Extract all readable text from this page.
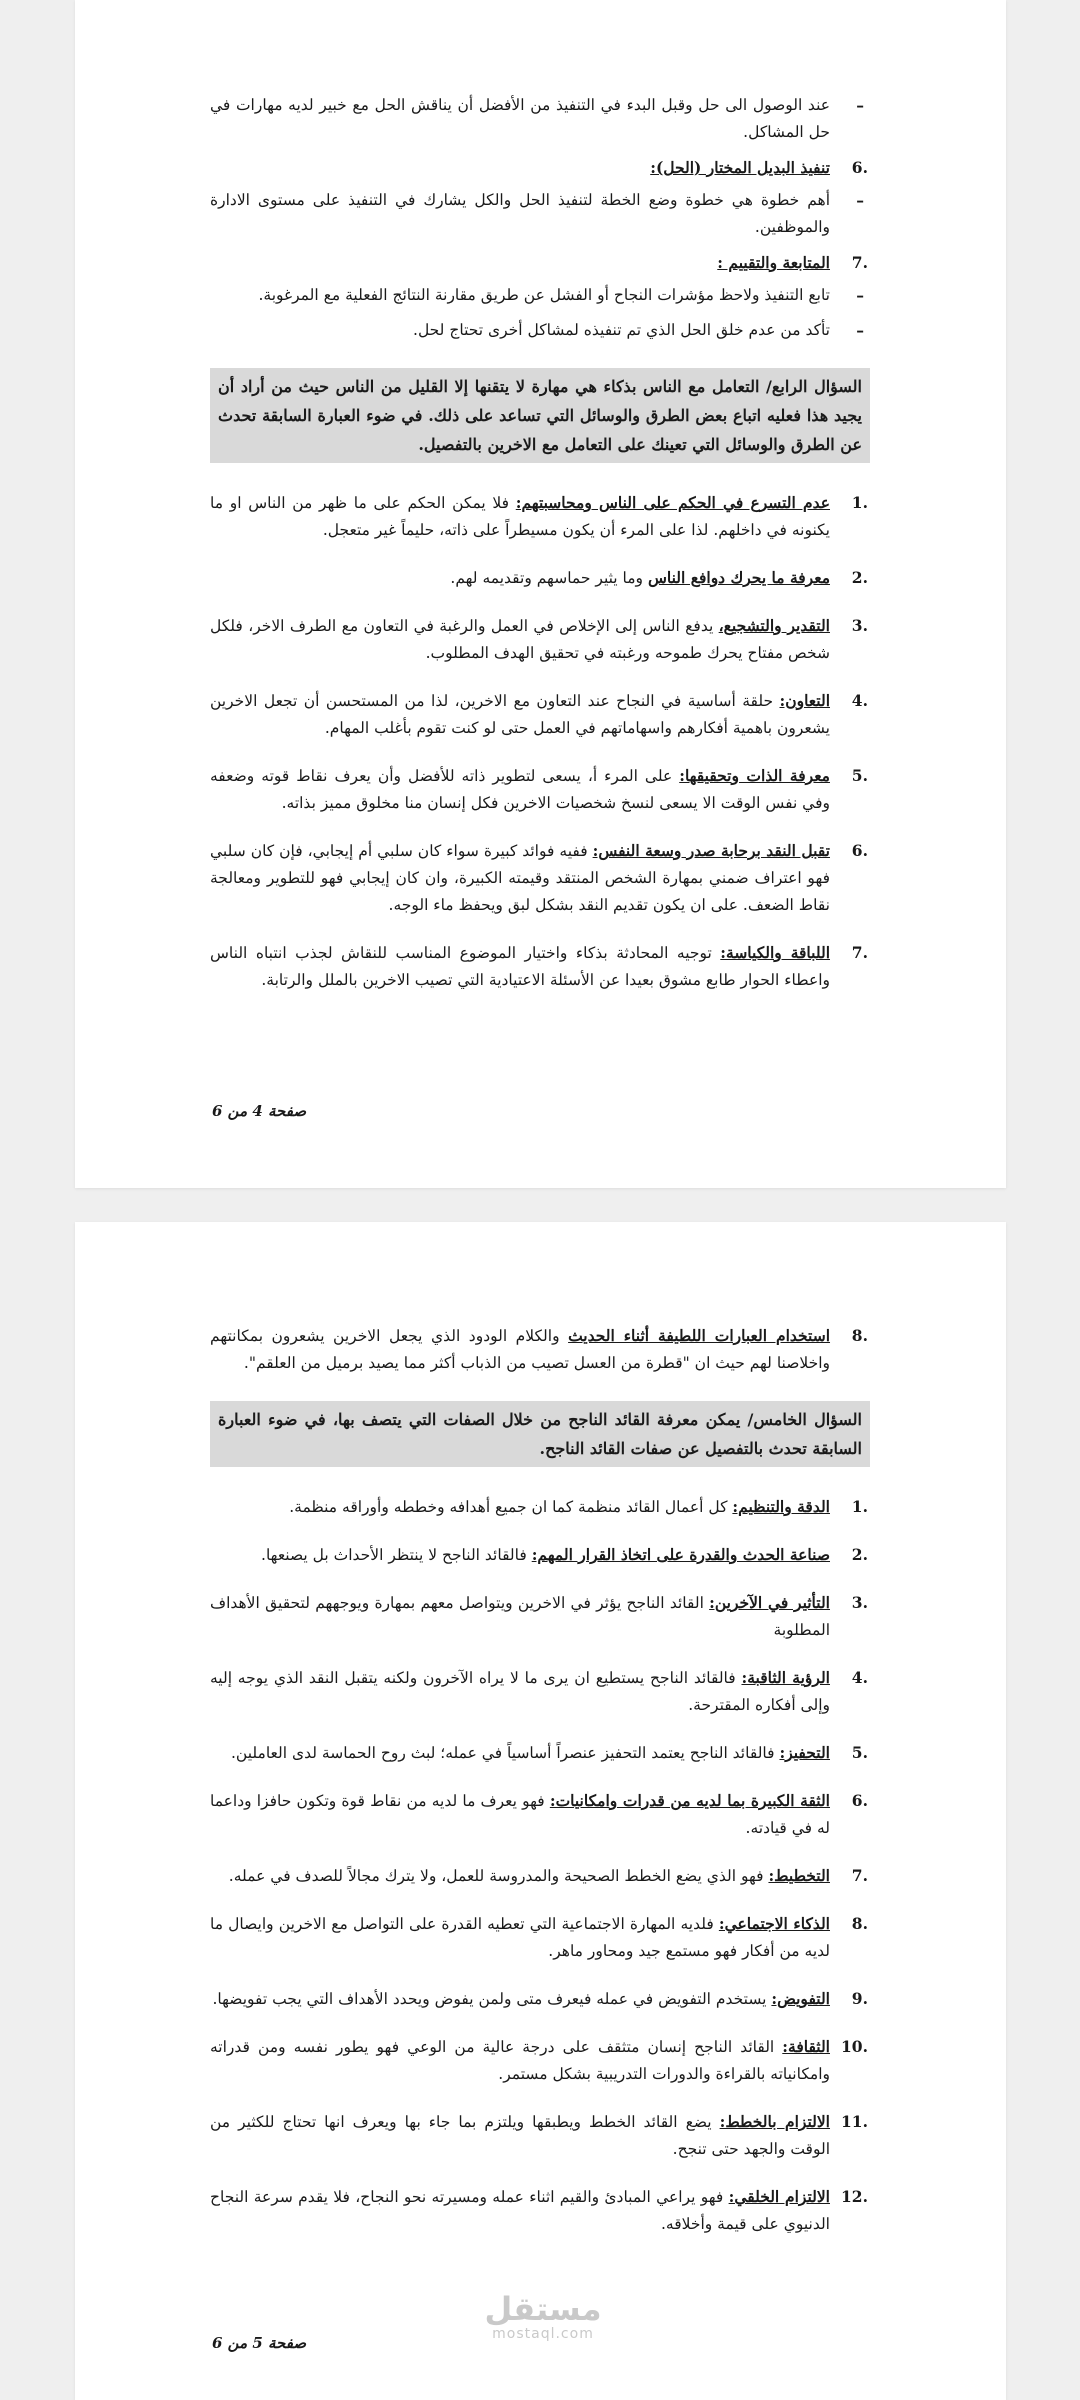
–
عند الوصول الى حل وقبل البدء في التنفيذ من الأفضل أن يناقش الحل مع خبير لديه مهارات في حل المشاكل.
.6
تنفيذ البديل المختار (الحل):
–
أهم خطوة هي خطوة وضع الخطة لتنفيذ الحل والكل يشارك في التنفيذ على مستوى الادارة والموظفين.
.7
المتابعة والتقييم :
–
تابع التنفيذ ولاحظ مؤشرات النجاح أو الفشل عن طريق مقارنة النتائج الفعلية مع المرغوبة.
–
تأكد من عدم خلق الحل الذي تم تنفيذه لمشاكل أخرى تحتاج لحل.
السؤال الرابع/ التعامل مع الناس بذكاء هي مهارة لا يتقنها إلا القليل من الناس حيث من أراد أن يجيد هذا فعليه اتباع بعض الطرق والوسائل التي تساعد على ذلك. في ضوء العبارة السابقة تحدث عن الطرق والوسائل التي تعينك على التعامل مع الاخرين بالتفصيل.
.1
عدم التسرع في الحكم على الناس ومحاسبتهم: فلا يمكن الحكم على ما ظهر من الناس او ما يكنونه في داخلهم. لذا على المرء أن يكون مسيطراً على ذاته، حليماً غير متعجل.
.2
معرفة ما يحرك دوافع الناس وما يثير حماسهم وتقديمه لهم.
.3
التقدير والتشجيع، يدفع الناس إلى الإخلاص في العمل والرغبة في التعاون مع الطرف الاخر، فلكل شخص مفتاح يحرك طموحه ورغبته في تحقيق الهدف المطلوب.
.4
التعاون: حلقة أساسية في النجاح عند التعاون مع الاخرين، لذا من المستحسن أن تجعل الاخرين يشعرون باهمية أفكارهم واسهاماتهم في العمل حتى لو كنت تقوم بأغلب المهام.
.5
معرفة الذات وتحقيقها: على المرء أ، يسعى لتطوير ذاته للأفضل وأن يعرف نقاط قوته وضعفه وفي نفس الوقت الا يسعى لنسخ شخصيات الاخرين فكل إنسان منا مخلوق مميز بذاته.
.6
تقبل النقد برحابة صدر وسعة النفس: ففيه فوائد كبيرة سواء كان سلبي أم إيجابي، فإن كان سلبي فهو اعتراف ضمني بمهارة الشخص المنتقد وقيمته الكبيرة، وان كان إيجابي فهو للتطوير ومعالجة نقاط الضعف. على ان يكون تقديم النقد بشكل لبق ويحفظ ماء الوجه.
.7
اللباقة والكياسة: توجيه المحادثة بذكاء واختيار الموضوع المناسب للنقاش لجذب انتباه الناس واعطاء الحوار طابع مشوق بعيدا عن الأسئلة الاعتيادية التي تصيب الاخرين بالملل والرتابة.
صفحة 4 من 6
.8
استخدام العبارات اللطيفة أثناء الحديث والكلام الودود الذي يجعل الاخرين يشعرون بمكانتهم واخلاصنا لهم حيث ان "قطرة من العسل تصيب من الذباب أكثر مما يصيد برميل من العلقم".
السؤال الخامس/ يمكن معرفة القائد الناجح من خلال الصفات التي يتصف بها، في ضوء العبارة السابقة تحدث بالتفصيل عن صفات القائد الناجح.
.1
الدقة والتنظيم: كل أعمال القائد منظمة كما ان جميع أهدافه وخططه وأوراقه منظمة.
.2
صناعة الحدث والقدرة على اتخاذ القرار المهم: فالقائد الناجح لا ينتظر الأحداث بل يصنعها.
.3
التأثير في الآخرين: القائد الناجح يؤثر في الاخرين ويتواصل معهم بمهارة ويوجههم لتحقيق الأهداف المطلوبة
.4
الرؤية الثاقبة: فالقائد الناجح يستطيع ان يرى ما لا يراه الآخرون ولكنه يتقبل النقد الذي يوجه إليه وإلى أفكاره المقترحة.
.5
التحفيز: فالقائد الناجح يعتمد التحفيز عنصراً أساسياً في عمله؛ لبث روح الحماسة لدى العاملين.
.6
الثقة الكبيرة بما لديه من قدرات وامكانيات: فهو يعرف ما لديه من نقاط قوة وتكون حافزا وداعما له في قيادته.
.7
التخطيط: فهو الذي يضع الخطط الصحيحة والمدروسة للعمل، ولا يترك مجالاً للصدف في عمله.
.8
الذكاء الاجتماعي: فلديه المهارة الاجتماعية التي تعطيه القدرة على التواصل مع الاخرين وايصال ما لديه من أفكار فهو مستمع جيد ومحاور ماهر.
.9
التفويض: يستخدم التفويض في عمله فيعرف متى ولمن يفوض ويحدد الأهداف التي يجب تفويضها.
.10
الثقافة: القائد الناجح إنسان متثقف على درجة عالية من الوعي فهو يطور نفسه ومن قدراته وامكانياته بالقراءة والدورات التدريبية بشكل مستمر.
.11
الالتزام بالخطط: يضع القائد الخطط ويطبقها ويلتزم بما جاء بها ويعرف انها تحتاج للكثير من الوقت والجهد حتى تنجح.
.12
الالتزام الخلقي: فهو يراعي المبادئ والقيم اثناء عمله ومسيرته نحو النجاح، فلا يقدم سرعة النجاح الدنيوي على قيمة وأخلاقه.
صفحة 5 من 6
مستقل
mostaql.com
